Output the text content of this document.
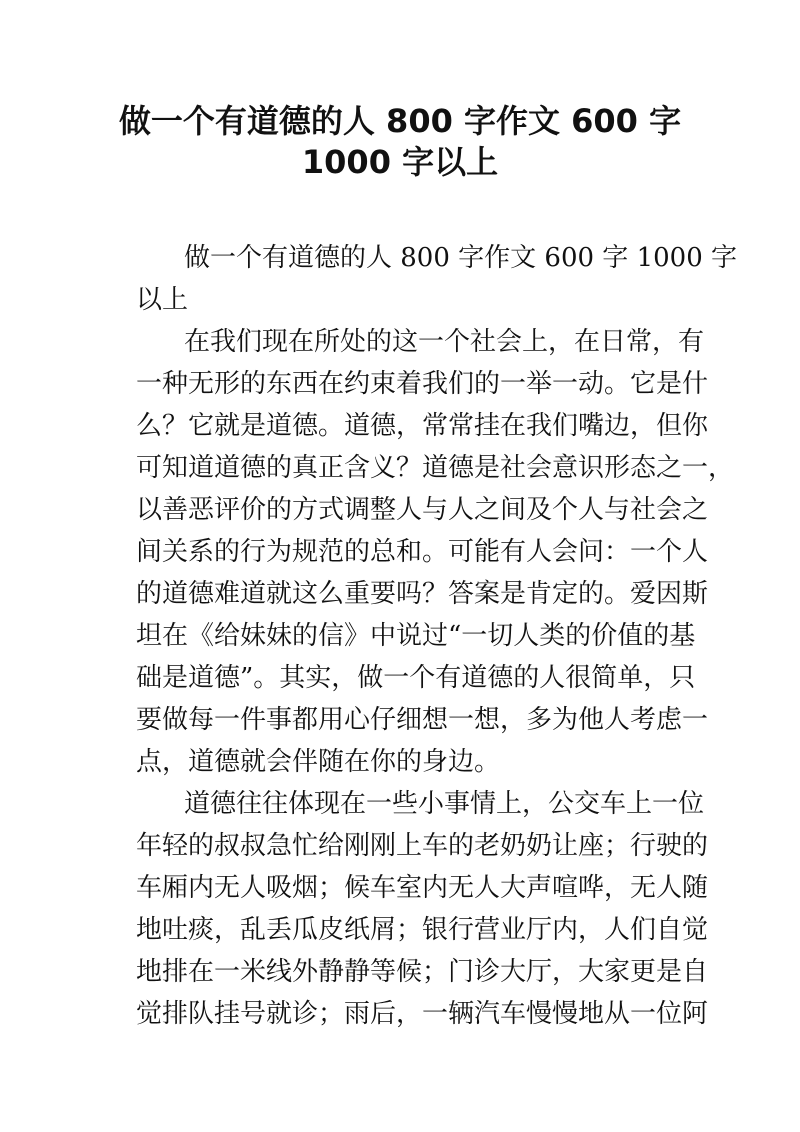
做一个有道德的人 800 字作文 600 字
1000 字以上
做一个有道德的人 800 字作文 600 字 1000 字
以上
在我们现在所处的这一个社会上，在日常，有
一种无形的东西在约束着我们的一举一动。它是什
么？它就是道德。道德，常常挂在我们嘴边，但你
可知道道德的真正含义？道德是社会意识形态之一，
以善恶评价的方式调整人与人之间及个人与社会之
间关系的行为规范的总和。可能有人会问：一个人
的道德难道就这么重要吗？答案是肯定的。爱因斯
坦在《给妹妹的信》中说过“一切人类的价值的基
础是道德”。其实，做一个有道德的人很简单，只
要做每一件事都用心仔细想一想，多为他人考虑一
点，道德就会伴随在你的身边。
道德往往体现在一些小事情上，公交车上一位
年轻的叔叔急忙给刚刚上车的老奶奶让座；行驶的
车厢内无人吸烟；候车室内无人大声喧哗，无人随
地吐痰，乱丢瓜皮纸屑；银行营业厅内，人们自觉
地排在一米线外静静等候；门诊大厅，大家更是自
觉排队挂号就诊；雨后，一辆汽车慢慢地从一位阿
